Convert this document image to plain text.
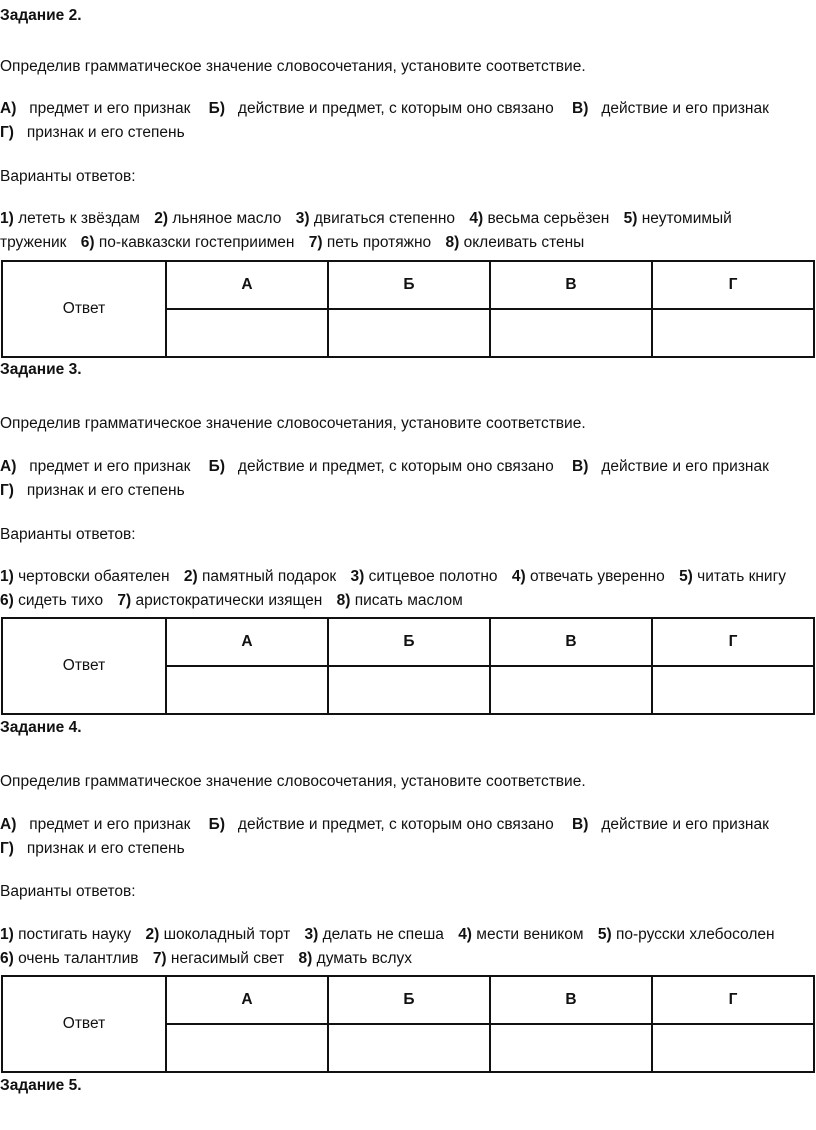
Задание 2.
Определив грамматическое значение словосочетания, установите соответствие.
А) предмет и его признак Б) действие и предмет, с которым оно связано В) действие и его признак
Г) признак и его степень
Варианты ответов:
1) лететь к звёздам 2) льняное масло 3) двигаться степенно 4) весьма серьёзен 5) неутомимый
труженик 6) по-кавказски гостеприимен 7) петь протяжно 8) оклеивать стены
Ответ	А	Б	В	Г

Задание 3.
Определив грамматическое значение словосочетания, установите соответствие.
А) предмет и его признак Б) действие и предмет, с которым оно связано В) действие и его признак
Г) признак и его степень
Варианты ответов:
1) чертовски обаятелен 2) памятный подарок 3) ситцевое полотно 4) отвечать уверенно 5) читать книгу
6) сидеть тихо 7) аристократически изящен 8) писать маслом
Ответ	А	Б	В	Г

Задание 4.
Определив грамматическое значение словосочетания, установите соответствие.
А) предмет и его признак Б) действие и предмет, с которым оно связано В) действие и его признак
Г) признак и его степень
Варианты ответов:
1) постигать науку 2) шоколадный торт 3) делать не спеша 4) мести веником 5) по-русски хлебосолен
6) очень талантлив 7) негасимый свет 8) думать вслух
Ответ	А	Б	В	Г

Задание 5.
